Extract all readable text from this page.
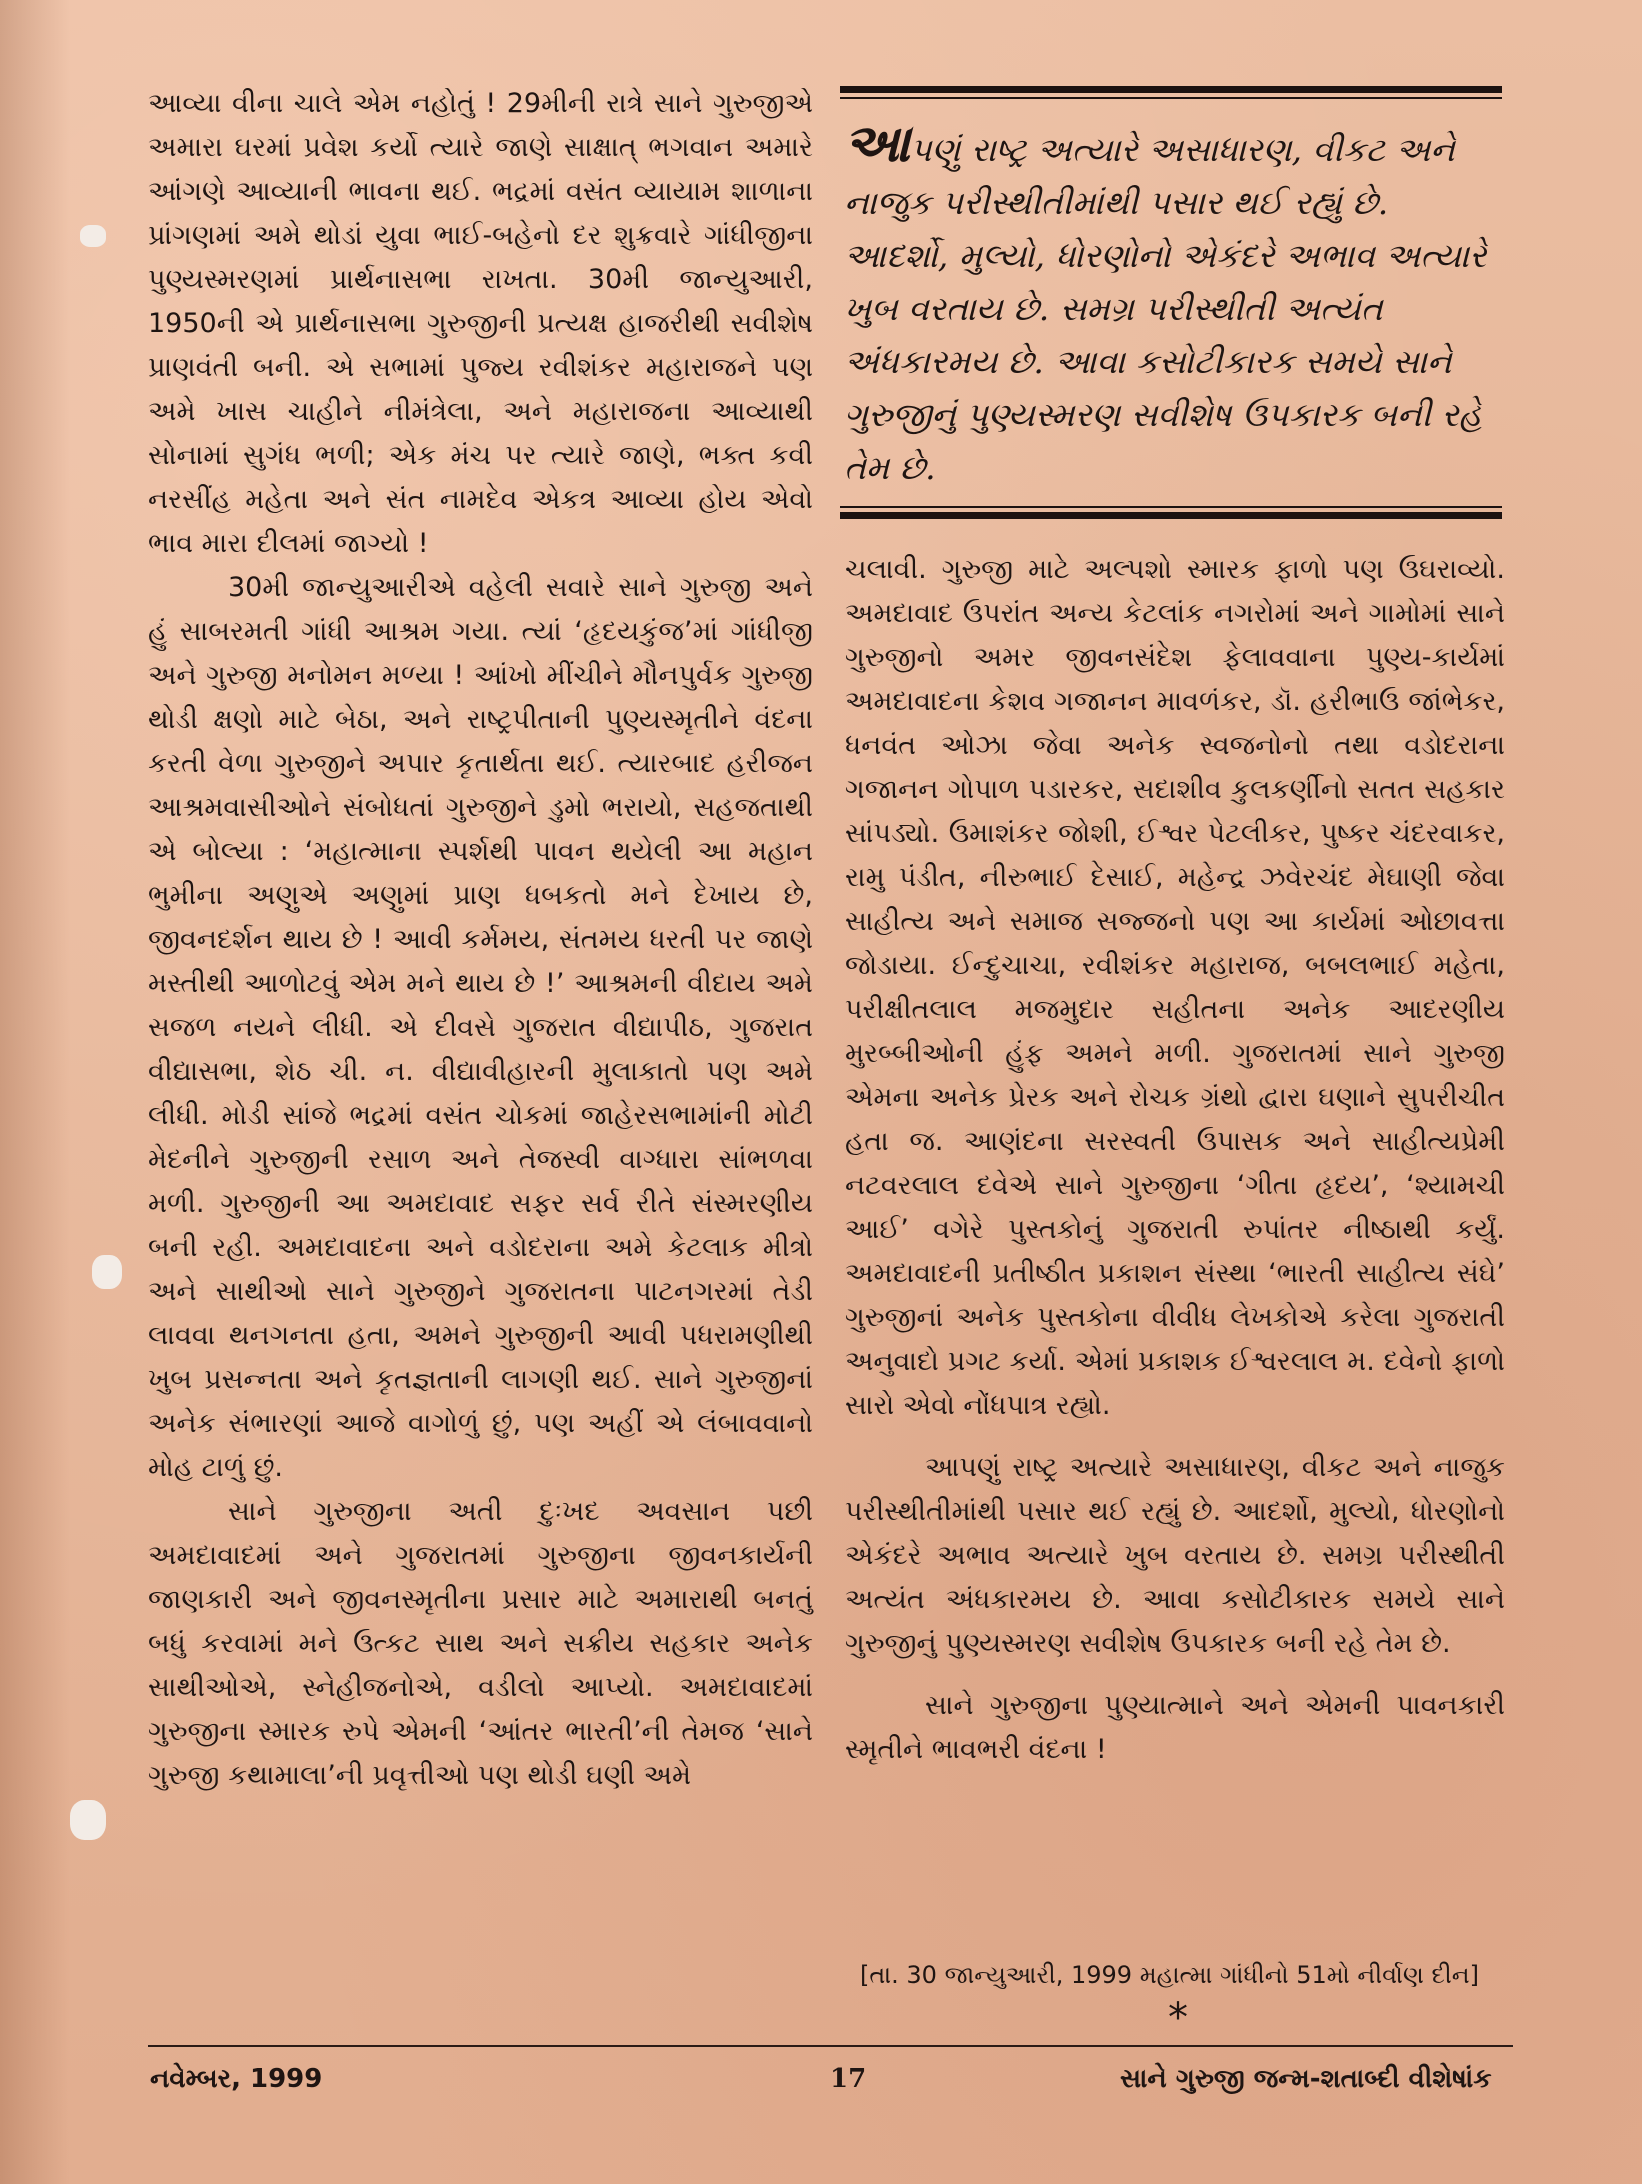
આવ્યા વીના ચાલે એમ નહોતું ! 29મીની રાત્રે સાને ગુરુજીએ અમારા ઘરમાં પ્રવેશ કર્યો ત્યારે જાણે સાક્ષાત્ ભગવાન અમારે આંગણે આવ્યાની ભાવના થઈ. ભદ્રમાં વસંત વ્યાયામ શાળાના પ્રાંગણમાં અમે થોડાં યુવા ભાઈ-બહેનો દર શુક્રવારે ગાંધીજીના પુણ્યસ્મરણમાં પ્રાર્થનાસભા રાખતા. 30મી જાન્યુઆરી, 1950ની એ પ્રાર્થનાસભા ગુરુજીની પ્રત્યક્ષ હાજરીથી સવીશેષ પ્રાણવંતી બની. એ સભામાં પુજ્ય રવીશંકર મહારાજને પણ અમે ખાસ ચાહીને નીમંત્રેલા, અને મહારાજના આવ્યાથી સોનામાં સુગંધ ભળી; એક મંચ પર ત્યારે જાણે, ભક્ત કવી નરસીંહ મહેતા અને સંત નામદેવ એકત્ર આવ્યા હોય એવો ભાવ મારા દીલમાં જાગ્યો !

30મી જાન્યુઆરીએ વહેલી સવારે સાને ગુરુજી અને હું સાબરમતી ગાંધી આશ્રમ ગયા. ત્યાં ‘હૃદયકુંજ’માં ગાંધીજી અને ગુરુજી મનોમન મળ્યા ! આંખો મીંચીને મૌનપુર્વક ગુરુજી થોડી ક્ષણો માટે બેઠા, અને રાષ્ટ્રપીતાની પુણ્યસ્મૃતીને વંદના કરતી વેળા ગુરુજીને અપાર કૃતાર્થતા થઈ. ત્યારબાદ હરીજન આશ્રમવાસીઓને સંબોધતાં ગુરુજીને ડુમો ભરાયો, સહજતાથી એ બોલ્યા : ‘મહાત્માના સ્પર્શથી પાવન થયેલી આ મહાન ભુમીના અણુએ અણુમાં પ્રાણ ધબકતો મને દેખાય છે, જીવનદર્શન થાય છે ! આવી કર્મમય, સંતમય ધરતી પર જાણે મસ્તીથી આળોટવું એમ મને થાય છે !’ આશ્રમની વીદાય અમે સજળ નયને લીધી. એ દીવસે ગુજરાત વીદ્યાપીઠ, ગુજરાત વીદ્યાસભા, શેઠ ચી. ન. વીદ્યાવીહારની મુલાકાતો પણ અમે લીધી. મોડી સાંજે ભદ્રમાં વસંત ચોકમાં જાહેરસભામાંની મોટી મેદનીને ગુરુજીની રસાળ અને તેજસ્વી વાગ્ધારા સાંભળવા મળી. ગુરુજીની આ અમદાવાદ સફર સર્વ રીતે સંસ્મરણીય બની રહી. અમદાવાદના અને વડોદરાના અમે કેટલાક મીત્રો અને સાથીઓ સાને ગુરુજીને ગુજરાતના પાટનગરમાં તેડી લાવવા થનગનતા હતા, અમને ગુરુજીની આવી પધરામણીથી ખુબ પ્રસન્નતા અને કૃતજ્ઞતાની લાગણી થઈ. સાને ગુરુજીનાં અનેક સંભારણાં આજે વાગોળું છું, પણ અહીં એ લંબાવવાનો મોહ ટાળું છું.

સાને ગુરુજીના અતી દુઃખદ અવસાન પછી અમદાવાદમાં અને ગુજરાતમાં ગુરુજીના જીવનકાર્યની જાણકારી અને જીવનસ્મૃતીના પ્રસાર માટે અમારાથી બનતું બધું કરવામાં મને ઉત્કટ સાથ અને સક્રીય સહકાર અનેક સાથીઓએ, સ્નેહીજનોએ, વડીલો આપ્યો. અમદાવાદમાં ગુરુજીના સ્મારક રુપે એમની ‘આંતર ભારતી’ની તેમજ ‘સાને ગુરુજી કથામાલા’ની પ્રવૃત્તીઓ પણ થોડી ઘણી અમે

આપણું રાષ્ટ્ર અત્યારે અસાધારણ, વીકટ અને નાજુક પરીસ્થીતીમાંથી પસાર થઈ રહ્યું છે. આદર્શો, મુલ્યો, ધોરણોનો એકંદરે અભાવ અત્યારે ખુબ વરતાય છે. સમગ્ર પરીસ્થીતી અત્યંત અંધકારમય છે. આવા કસોટીકારક સમયે સાને ગુરુજીનું પુણ્યસ્મરણ સવીશેષ ઉપકારક બની રહે તેમ છે.

ચલાવી. ગુરુજી માટે અલ્પશો સ્મારક ફાળો પણ ઉઘરાવ્યો. અમદાવાદ ઉપરાંત અન્ય કેટલાંક નગરોમાં અને ગામોમાં સાને ગુરુજીનો અમર જીવનસંદેશ ફેલાવવાના પુણ્ય-કાર્યમાં અમદાવાદના કેશવ ગજાનન માવળંકર, ડૉ. હરીભાઉ જાંભેકર, ધનવંત ઓઝા જેવા અનેક સ્વજનોનો તથા વડોદરાના ગજાનન ગોપાળ પડારકર, સદાશીવ કુલકર્ણીનો સતત સહકાર સાંપડ્યો. ઉમાશંકર જોશી, ઈશ્વર પેટલીકર, પુષ્કર ચંદરવાકર, રામુ પંડીત, નીરુભાઈ દેસાઈ, મહેન્દ્ર ઝવેરચંદ મેઘાણી જેવા સાહીત્ય અને સમાજ સજ્જનો પણ આ કાર્યમાં ઓછાવત્તા જોડાયા. ઈન્દુચાચા, રવીશંકર મહારાજ, બબલભાઈ મહેતા, પરીક્ષીતલાલ મજમુદાર સહીતના અનેક આદરણીય મુરબ્બીઓની હુંફ અમને મળી. ગુજરાતમાં સાને ગુરુજી એમના અનેક પ્રેરક અને રોચક ગ્રંથો દ્વારા ઘણાને સુપરીચીત હતા જ. આણંદના સરસ્વતી ઉપાસક અને સાહીત્યપ્રેમી નટવરલાલ દવેએ સાને ગુરુજીના ‘ગીતા હૃદય’, ‘શ્યામચી આઈ’ વગેરે પુસ્તકોનું ગુજરાતી રુપાંતર નીષ્ઠાથી કર્યું. અમદાવાદની પ્રતીષ્ઠીત પ્રકાશન સંસ્થા ‘ભારતી સાહીત્ય સંઘે’ ગુરુજીનાં અનેક પુસ્તકોના વીવીધ લેખકોએ કરેલા ગુજરાતી અનુવાદો પ્રગટ કર્યા. એમાં પ્રકાશક ઈશ્વરલાલ મ. દવેનો ફાળો સારો એવો નોંધપાત્ર રહ્યો.

આપણું રાષ્ટ્ર અત્યારે અસાધારણ, વીકટ અને નાજુક પરીસ્થીતીમાંથી પસાર થઈ રહ્યું છે. આદર્શો, મુલ્યો, ધોરણોનો એકંદરે અભાવ અત્યારે ખુબ વરતાય છે. સમગ્ર પરીસ્થીતી અત્યંત અંધકારમય છે. આવા કસોટીકારક સમયે સાને ગુરુજીનું પુણ્યસ્મરણ સવીશેષ ઉપકારક બની રહે તેમ છે.

સાને ગુરુજીના પુણ્યાત્માને અને એમની પાવનકારી સ્મૃતીને ભાવભરી વંદના !

[તા. 30 જાન્યુઆરી, 1999 મહાત્મા ગાંધીનો 51મો નીર્વાણ દીન]
*
નવેમ્બર, 1999	17	સાને ગુરુજી જન્મ-શતાબ્દી વીશેષાંક
